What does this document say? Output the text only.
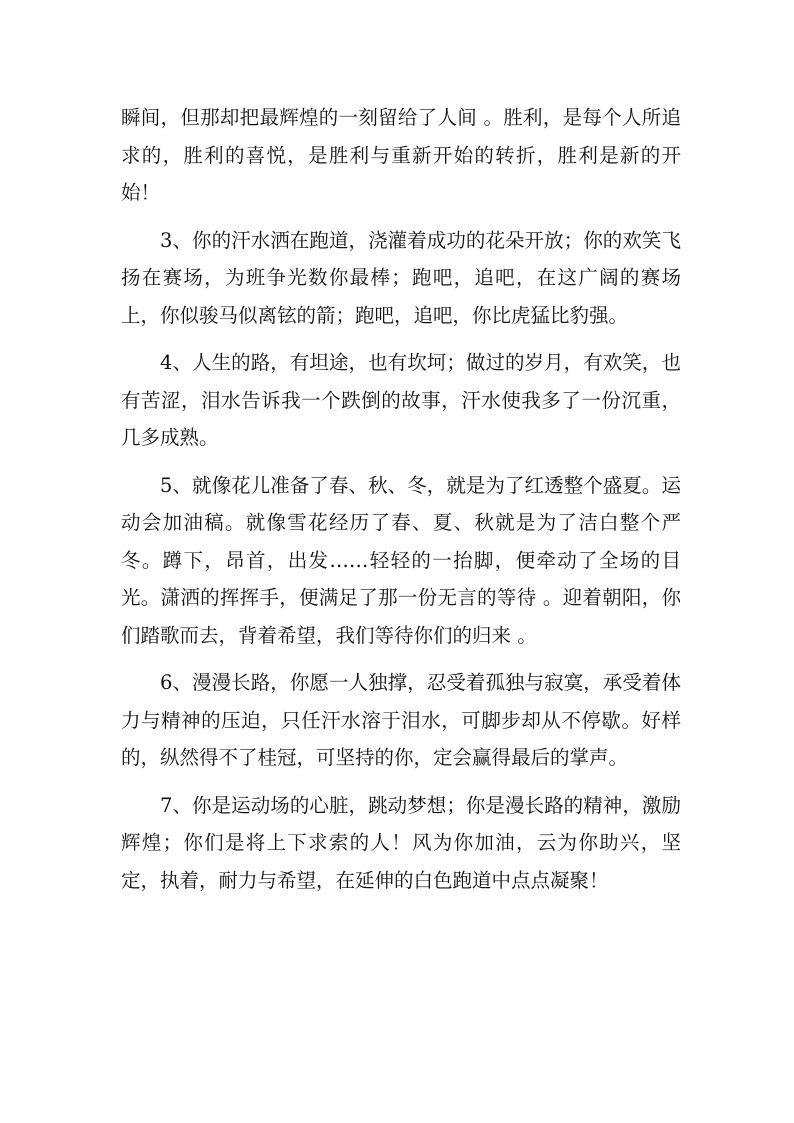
瞬间，但那却把最辉煌的一刻留给了人间 。胜利，是每个人所追求的，胜利的喜悦，是胜利与重新开始的转折，胜利是新的开始！

3、你的汗水洒在跑道，浇灌着成功的花朵开放；你的欢笑飞扬在赛场，为班争光数你最棒；跑吧，追吧，在这广阔的赛场上，你似骏马似离铉的箭；跑吧，追吧，你比虎猛比豹强。

4、人生的路，有坦途，也有坎坷；做过的岁月，有欢笑，也有苦涩，泪水告诉我一个跌倒的故事，汗水使我多了一份沉重，几多成熟。

5、就像花儿准备了春、秋、冬，就是为了红透整个盛夏。运动会加油稿。就像雪花经历了春、夏、秋就是为了洁白整个严冬。蹲下，昂首，出发……轻轻的一抬脚，便牵动了全场的目光。潇洒的挥挥手，便满足了那一份无言的等待 。迎着朝阳，你们踏歌而去，背着希望，我们等待你们的归来 。

6、漫漫长路，你愿一人独撑，忍受着孤独与寂寞，承受着体力与精神的压迫，只任汗水溶于泪水，可脚步却从不停歇。好样的，纵然得不了桂冠，可坚持的你，定会赢得最后的掌声。

7、你是运动场的心脏，跳动梦想；你是漫长路的精神，激励辉煌；你们是将上下求索的人！风为你加油，云为你助兴，坚定，执着，耐力与希望，在延伸的白色跑道中点点凝聚！
